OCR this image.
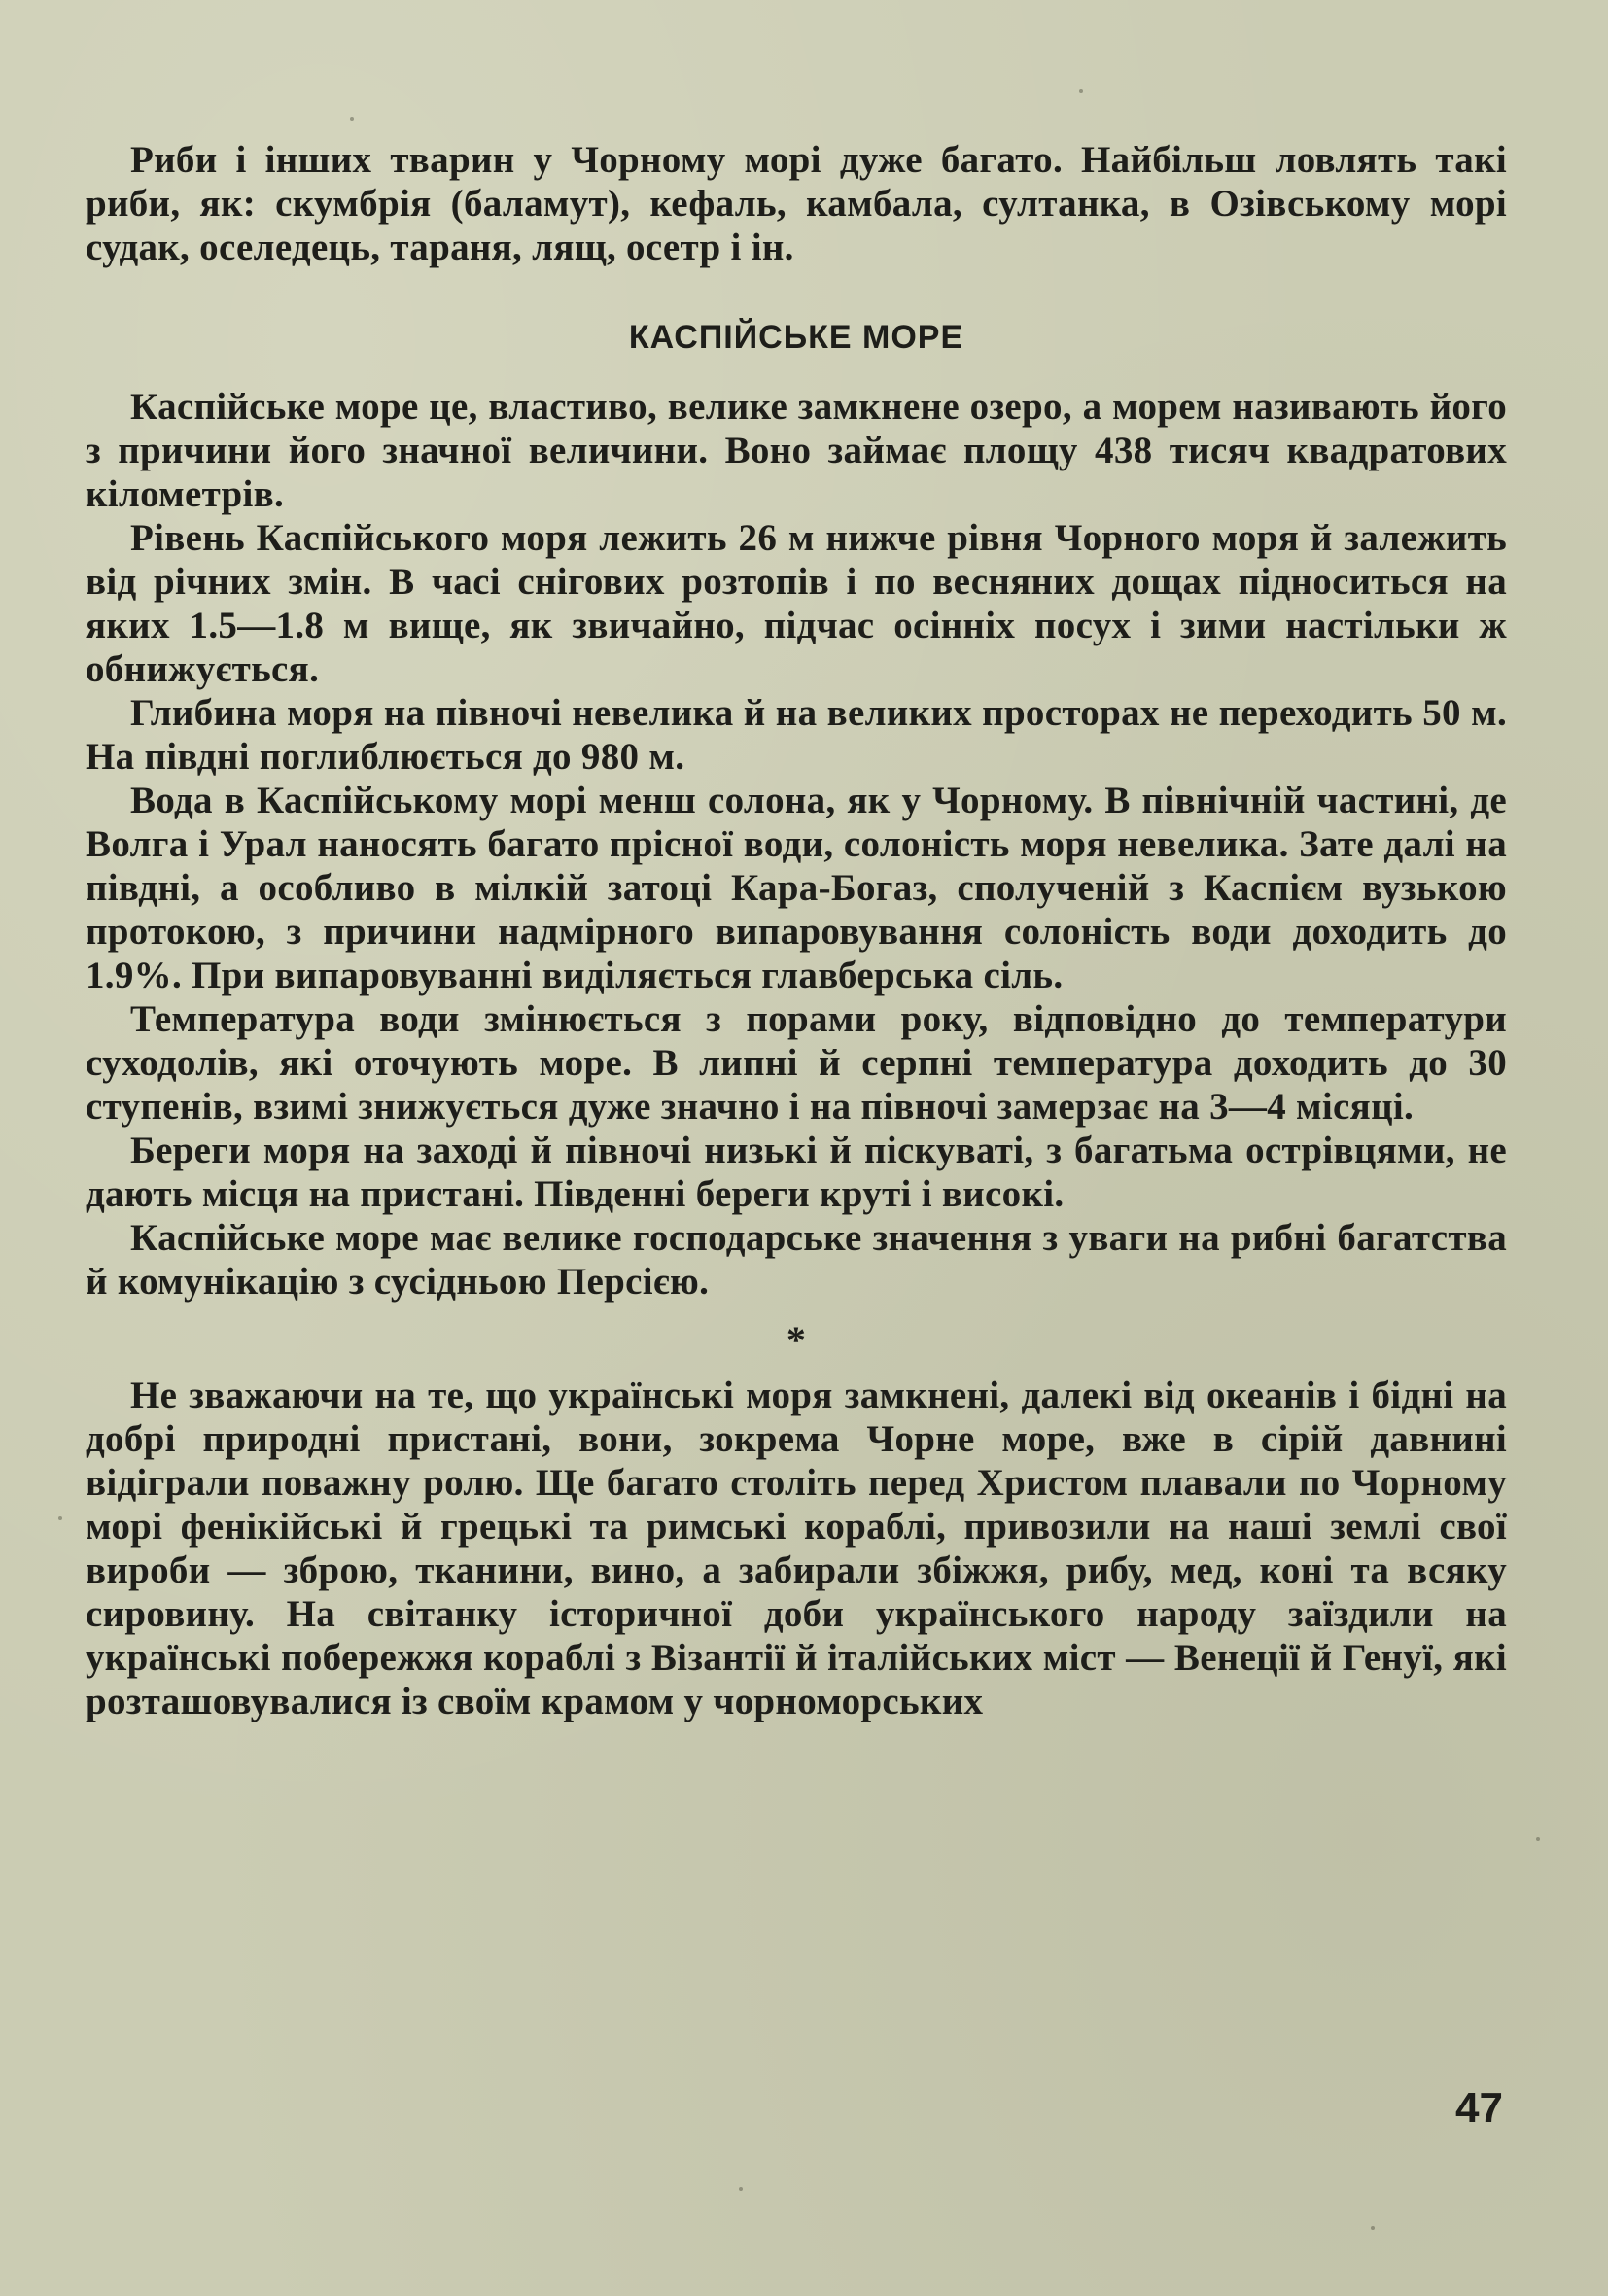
Риби і інших тварин у Чорному морі дуже багато. Найбільш ловлять такі риби, як: скумбрія (баламут), кефаль, камбала, султанка, в Озівському морі судак, оселедець, тараня, лящ, осетр і ін.

КАСПІЙСЬКЕ МОРЕ

Каспійське море це, властиво, велике замкнене озеро, а морем називають його з причини його значної величини. Воно займає площу 438 тисяч квадратових кілометрів.

Рівень Каспійського моря лежить 26 м нижче рівня Чорного моря й залежить від річних змін. В часі снігових розтопів і по весняних дощах підноситься на яких 1.5—1.8 м вище, як звичайно, підчас осінніх посух і зими настільки ж обнижується.

Глибина моря на півночі невелика й на великих просторах не переходить 50 м. На півдні поглиблюється до 980 м.

Вода в Каспійському морі менш солона, як у Чорному. В північній частині, де Волга і Урал наносять багато прісної води, солоність моря невелика. Зате далі на півдні, а особливо в мілкій затоці Кара-Богаз, сполученій з Каспієм вузькою протокою, з причини надмірного випаровування солоність води доходить до 1.9%. При випаровуванні виділяється главберська сіль.

Температура води змінюється з порами року, відповідно до температури суходолів, які оточують море. В липні й серпні температура доходить до 30 ступенів, взимі знижується дуже значно і на півночі замерзає на 3—4 місяці.

Береги моря на заході й півночі низькі й піскуваті, з багатьма острівцями, не дають місця на пристані. Південні береги круті і високі.

Каспійське море має велике господарське значення з уваги на рибні багатства й комунікацію з сусідньою Персією.

*

Не зважаючи на те, що українські моря замкнені, далекі від океанів і бідні на добрі природні пристані, вони, зокрема Чорне море, вже в сірій давнині відіграли поважну ролю. Ще багато століть перед Христом плавали по Чорному морі фенікійські й грецькі та римські кораблі, привозили на наші землі свої вироби — зброю, тканини, вино, а забирали збіжжя, рибу, мед, коні та всяку сировину. На світанку історичної доби українського народу заїздили на українські побережжя кораблі з Візантії й італійських міст — Венеції й Генуї, які розташовувалися із своїм крамом у чорноморських

47
